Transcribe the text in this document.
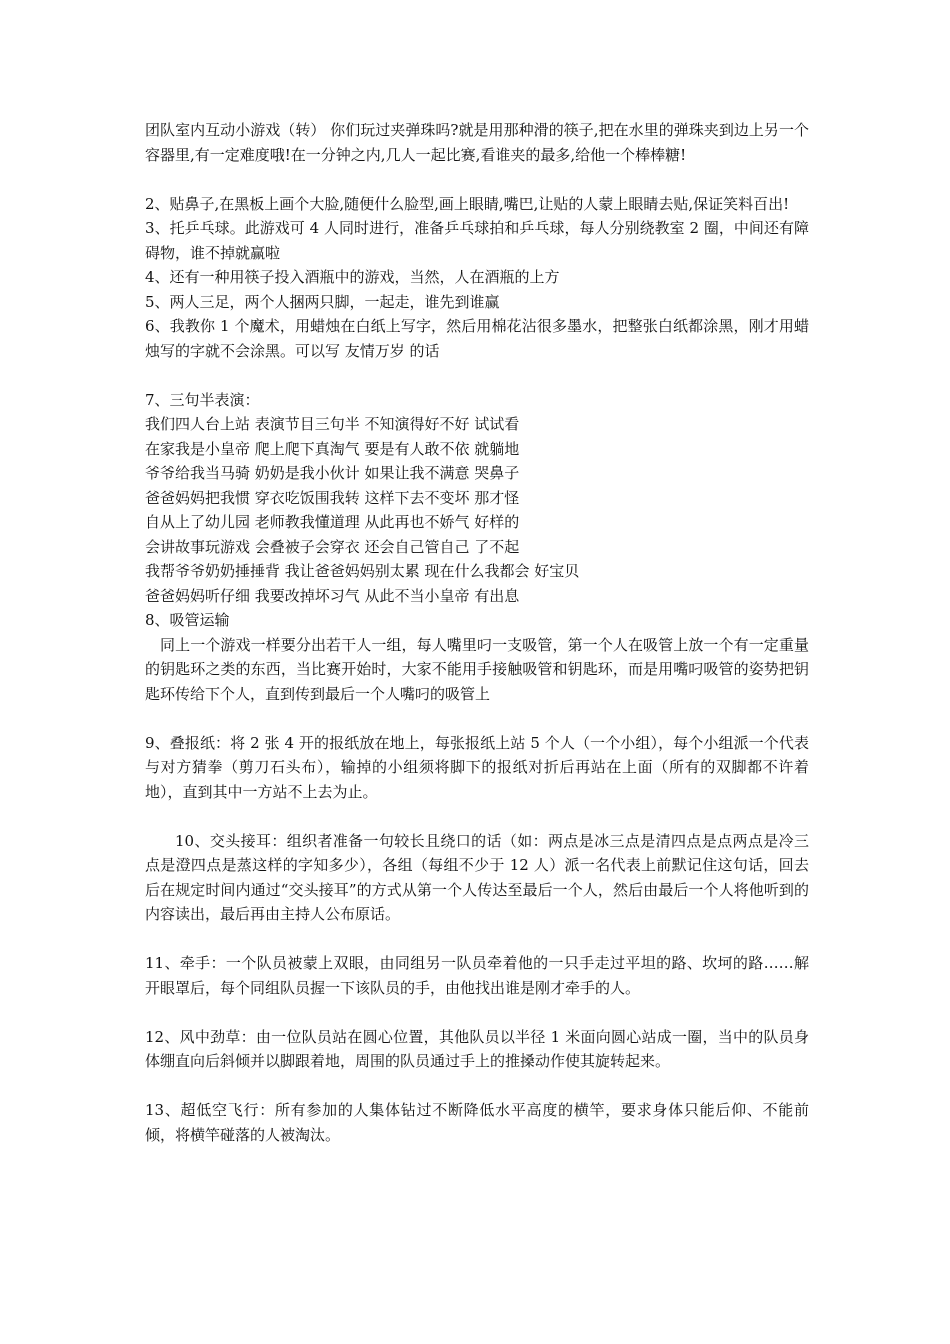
团队室内互动小游戏（转） 你们玩过夹弹珠吗?就是用那种滑的筷子,把在水里的弹珠夹到边上另一个容器里,有一定难度哦!在一分钟之内,几人一起比赛,看谁夹的最多,给他一个棒棒糖!

2、贴鼻子,在黑板上画个大脸,随便什么脸型,画上眼睛,嘴巴,让贴的人蒙上眼睛去贴,保证笑料百出!

3、托乒乓球。此游戏可 4 人同时进行，准备乒乓球拍和乒乓球，每人分别绕教室 2 圈，中间还有障碍物，谁不掉就赢啦

4、还有一种用筷子投入酒瓶中的游戏，当然，人在酒瓶的上方

5、两人三足，两个人捆两只脚，一起走，谁先到谁赢

6、我教你 1 个魔术，用蜡烛在白纸上写字，然后用棉花沾很多墨水，把整张白纸都涂黑，刚才用蜡烛写的字就不会涂黑。可以写 友情万岁 的话

7、三句半表演：

我们四人台上站 表演节目三句半 不知演得好不好 试试看

在家我是小皇帝 爬上爬下真淘气 要是有人敢不依 就躺地

爷爷给我当马骑 奶奶是我小伙计 如果让我不满意 哭鼻子

爸爸妈妈把我惯 穿衣吃饭围我转 这样下去不变坏 那才怪

自从上了幼儿园 老师教我懂道理 从此再也不娇气 好样的

会讲故事玩游戏 会叠被子会穿衣 还会自己管自己 了不起

我帮爷爷奶奶捶捶背 我让爸爸妈妈别太累 现在什么我都会 好宝贝

爸爸妈妈听仔细 我要改掉坏习气 从此不当小皇帝 有出息

8、吸管运输

同上一个游戏一样要分出若干人一组，每人嘴里叼一支吸管，第一个人在吸管上放一个有一定重量的钥匙环之类的东西，当比赛开始时，大家不能用手接触吸管和钥匙环，而是用嘴叼吸管的姿势把钥匙环传给下个人，直到传到最后一个人嘴叼的吸管上

9、叠报纸：将 2 张 4 开的报纸放在地上，每张报纸上站 5 个人（一个小组），每个小组派一个代表与对方猜拳（剪刀石头布），输掉的小组须将脚下的报纸对折后再站在上面（所有的双脚都不许着地），直到其中一方站不上去为止。

10、交头接耳：组织者准备一句较长且绕口的话（如：两点是冰三点是清四点是点两点是冷三点是澄四点是蒸这样的字知多少），各组（每组不少于 12 人）派一名代表上前默记住这句话，回去后在规定时间内通过“交头接耳”的方式从第一个人传达至最后一个人，然后由最后一个人将他听到的内容读出，最后再由主持人公布原话。

11、牵手：一个队员被蒙上双眼，由同组另一队员牵着他的一只手走过平坦的路、坎坷的路……解开眼罩后，每个同组队员握一下该队员的手，由他找出谁是刚才牵手的人。

12、风中劲草：由一位队员站在圆心位置，其他队员以半径 1 米面向圆心站成一圈，当中的队员身体绷直向后斜倾并以脚跟着地，周围的队员通过手上的推搡动作使其旋转起来。

13、超低空飞行：所有参加的人集体钻过不断降低水平高度的横竿，要求身体只能后仰、不能前倾，将横竿碰落的人被淘汰。
